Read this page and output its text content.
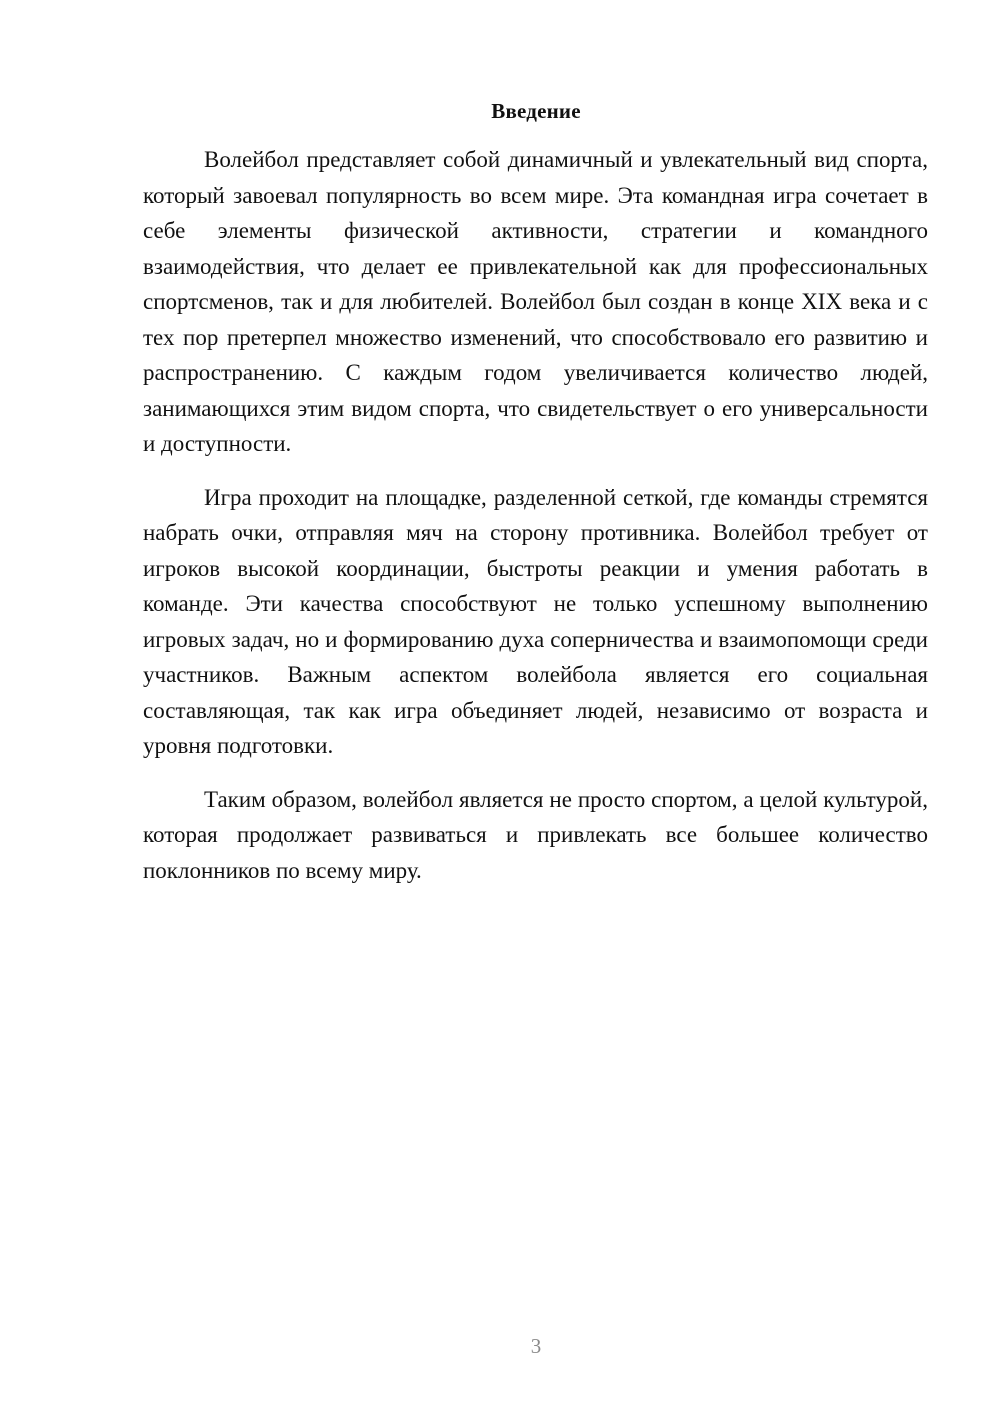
Введение

Волейбол представляет собой динамичный и увлекательный вид спорта, который завоевал популярность во всем мире. Эта командная игра сочетает в себе элементы физической активности, стратегии и командного взаимодействия, что делает ее привлекательной как для профессиональных спортсменов, так и для любителей. Волейбол был создан в конце XIX века и с тех пор претерпел множество изменений, что способствовало его развитию и распространению. С каждым годом увеличивается количество людей, занимающихся этим видом спорта, что свидетельствует о его универсальности и доступности.

Игра проходит на площадке, разделенной сеткой, где команды стремятся набрать очки, отправляя мяч на сторону противника. Волейбол требует от игроков высокой координации, быстроты реакции и умения работать в команде. Эти качества способствуют не только успешному выполнению игровых задач, но и формированию духа соперничества и взаимопомощи среди участников. Важным аспектом волейбола является его социальная составляющая, так как игра объединяет людей, независимо от возраста и уровня подготовки.

Таким образом, волейбол является не просто спортом, а целой культурой, которая продолжает развиваться и привлекать все большее количество поклонников по всему миру.

3
